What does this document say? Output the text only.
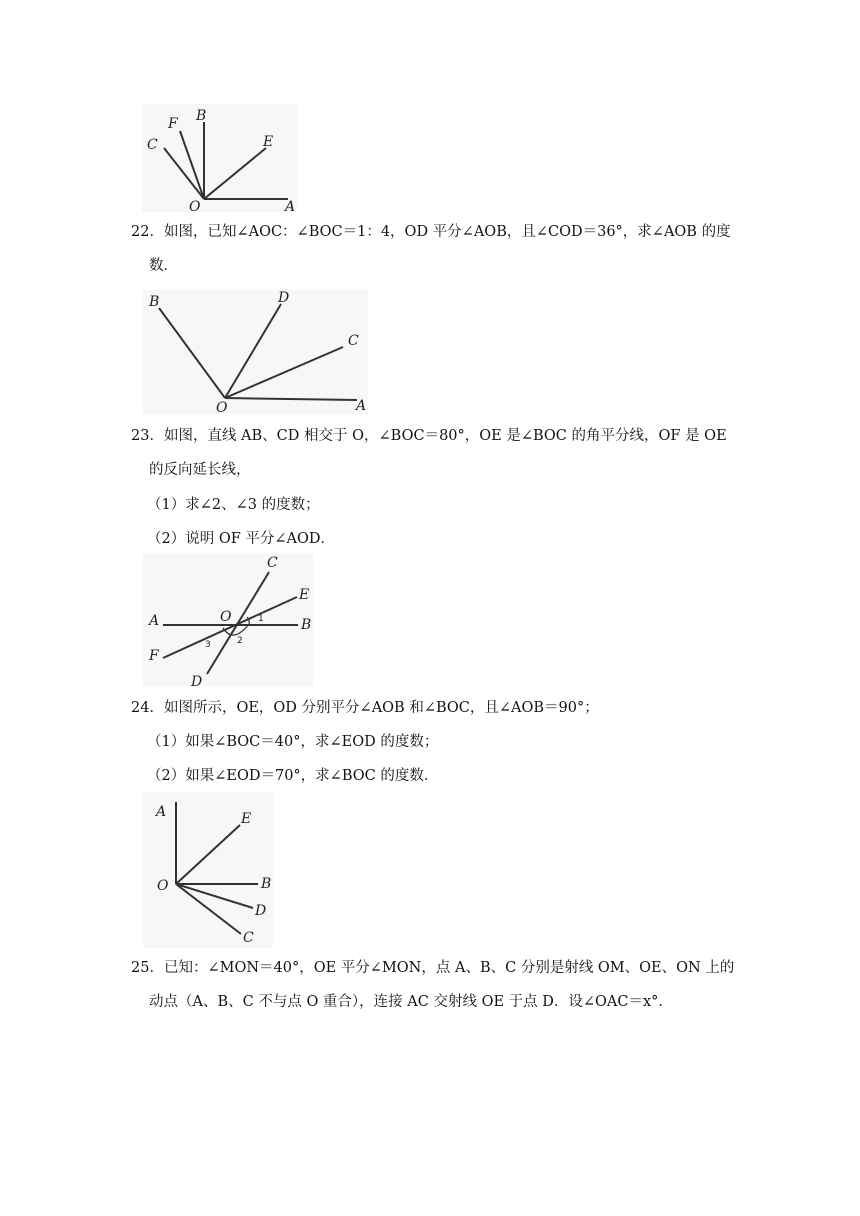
C
F B
E
O	A
22．如图，已知∠AOC：∠BOC＝1：4，OD 平分∠AOB，且∠COD＝36°，求∠AOB 的度
数．
B	D
C
O	A
23．如图，直线 AB、CD 相交于 O，∠BOC＝80°，OE 是∠BOC 的角平分线，OF 是 OE
的反向延长线，
（1）求∠2、∠3 的度数；
（2）说明 OF 平分∠AOD．
C
E
A	O	B
F
D
1
2
3
24．如图所示，OE，OD 分别平分∠AOB 和∠BOC，且∠AOB＝90°；
（1）如果∠BOC＝40°，求∠EOD 的度数；
（2）如果∠EOD＝70°，求∠BOC 的度数．
A	E
O	B
D
C
25．已知：∠MON＝40°，OE 平分∠MON，点 A、B、C 分别是射线 OM、OE、ON 上的
动点（A、B、C 不与点 O 重合），连接 AC 交射线 OE 于点 D．设∠OAC＝x°．
